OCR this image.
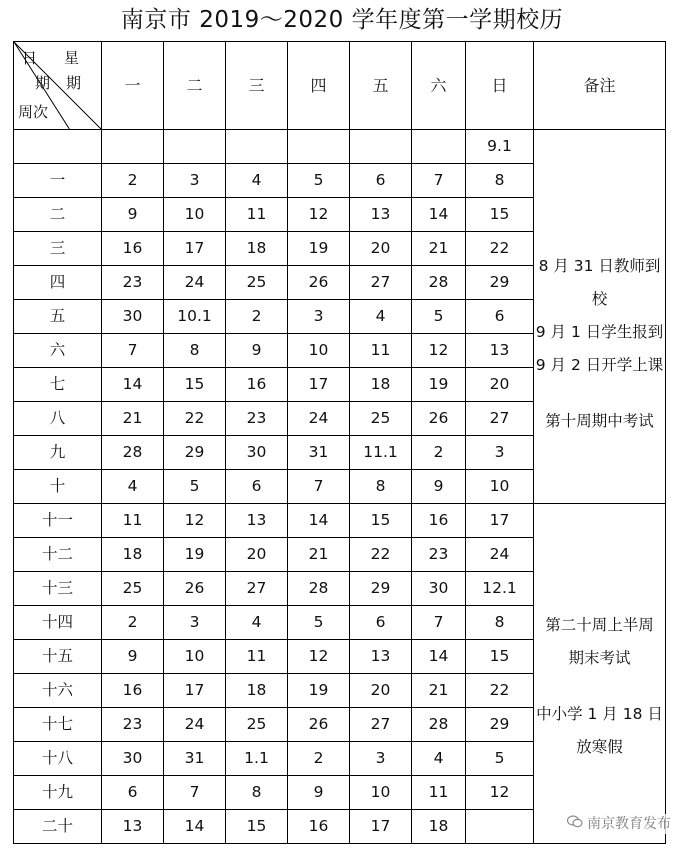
南京市 2019～2020 学年度第一学期校历
日 星
期 期
周次	一	二	三	四	五	六	日	备注
							9.1	8 月 31 日教师到校
9 月 1 日学生报到
9 月 2 日开学上课
第十周期中考试

一	2	3	4	5	6	7	8	
二	9	10	11	12	13	14	15	
三	16	17	18	19	20	21	22	
四	23	24	25	26	27	28	29	
五	30	10.1	2	3	4	5	6	
六	7	8	9	10	11	12	13	
七	14	15	16	17	18	19	20	
八	21	22	23	24	25	26	27	
九	28	29	30	31	11.1	2	3	
十	4	5	6	7	8	9	10	
十一	11	12	13	14	15	16	17	第二十周上半周
期末考试
中小学 1 月 18 日
放寒假

十二	18	19	20	21	22	23	24	
十三	25	26	27	28	29	30	12.1	
十四	2	3	4	5	6	7	8	
十五	9	10	11	12	13	14	15	
十六	16	17	18	19	20	21	22	
十七	23	24	25	26	27	28	29	
十八	30	31	1.1	2	3	4	5	
十九	6	7	8	9	10	11	12	
二十	13	14	15	16	17	18			南京教育发布
